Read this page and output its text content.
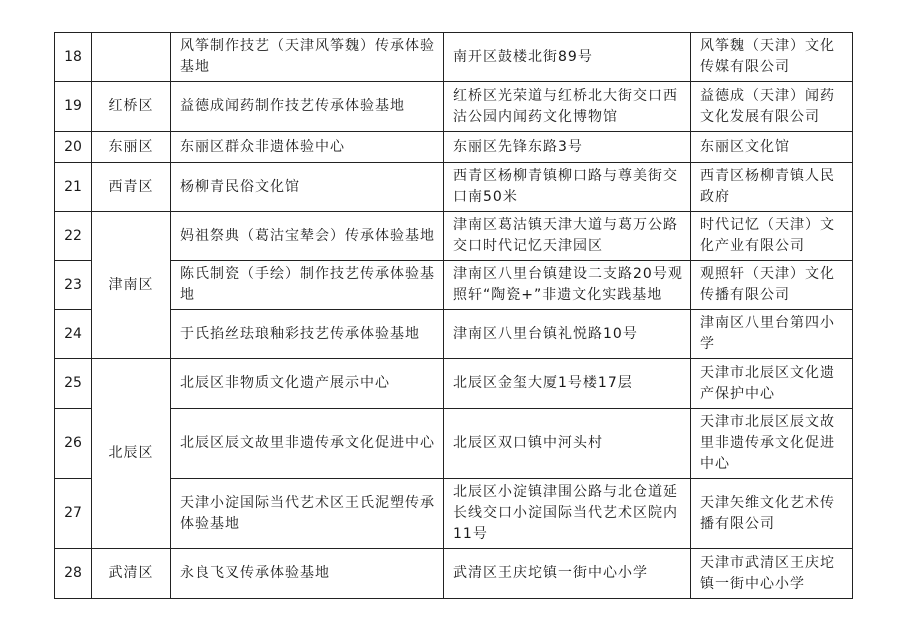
18		风筝制作技艺（天津风筝魏）传承体验基地	南开区鼓楼北街89号	风筝魏（天津）文化传媒有限公司
19	红桥区	益德成闻药制作技艺传承体验基地	红桥区光荣道与红桥北大街交口西沽公园内闻药文化博物馆	益德成（天津）闻药文化发展有限公司
20	东丽区	东丽区群众非遗体验中心	东丽区先锋东路3号	东丽区文化馆
21	西青区	杨柳青民俗文化馆	西青区杨柳青镇柳口路与尊美街交口南50米	西青区杨柳青镇人民政府
22	津南区	妈祖祭典（葛沽宝辇会）传承体验基地	津南区葛沽镇天津大道与葛万公路交口时代记忆天津园区	时代记忆（天津）文化产业有限公司
23		陈氏制瓷（手绘）制作技艺传承体验基地	津南区八里台镇建设二支路20号观照轩“陶瓷+”非遗文化实践基地	观照轩（天津）文化传播有限公司
24		于氏掐丝珐琅釉彩技艺传承体验基地	津南区八里台镇礼悦路10号	津南区八里台第四小学
25	北辰区	北辰区非物质文化遗产展示中心	北辰区金玺大厦1号楼17层	天津市北辰区文化遗产保护中心
26		北辰区辰文故里非遗传承文化促进中心	北辰区双口镇中河头村	天津市北辰区辰文故里非遗传承文化促进中心
27		天津小淀国际当代艺术区王氏泥塑传承体验基地	北辰区小淀镇津围公路与北仓道延长线交口小淀国际当代艺术区院内11号	天津矢维文化艺术传播有限公司
28	武清区	永良飞叉传承体验基地	武清区王庆坨镇一街中心小学	天津市武清区王庆坨镇一街中心小学
